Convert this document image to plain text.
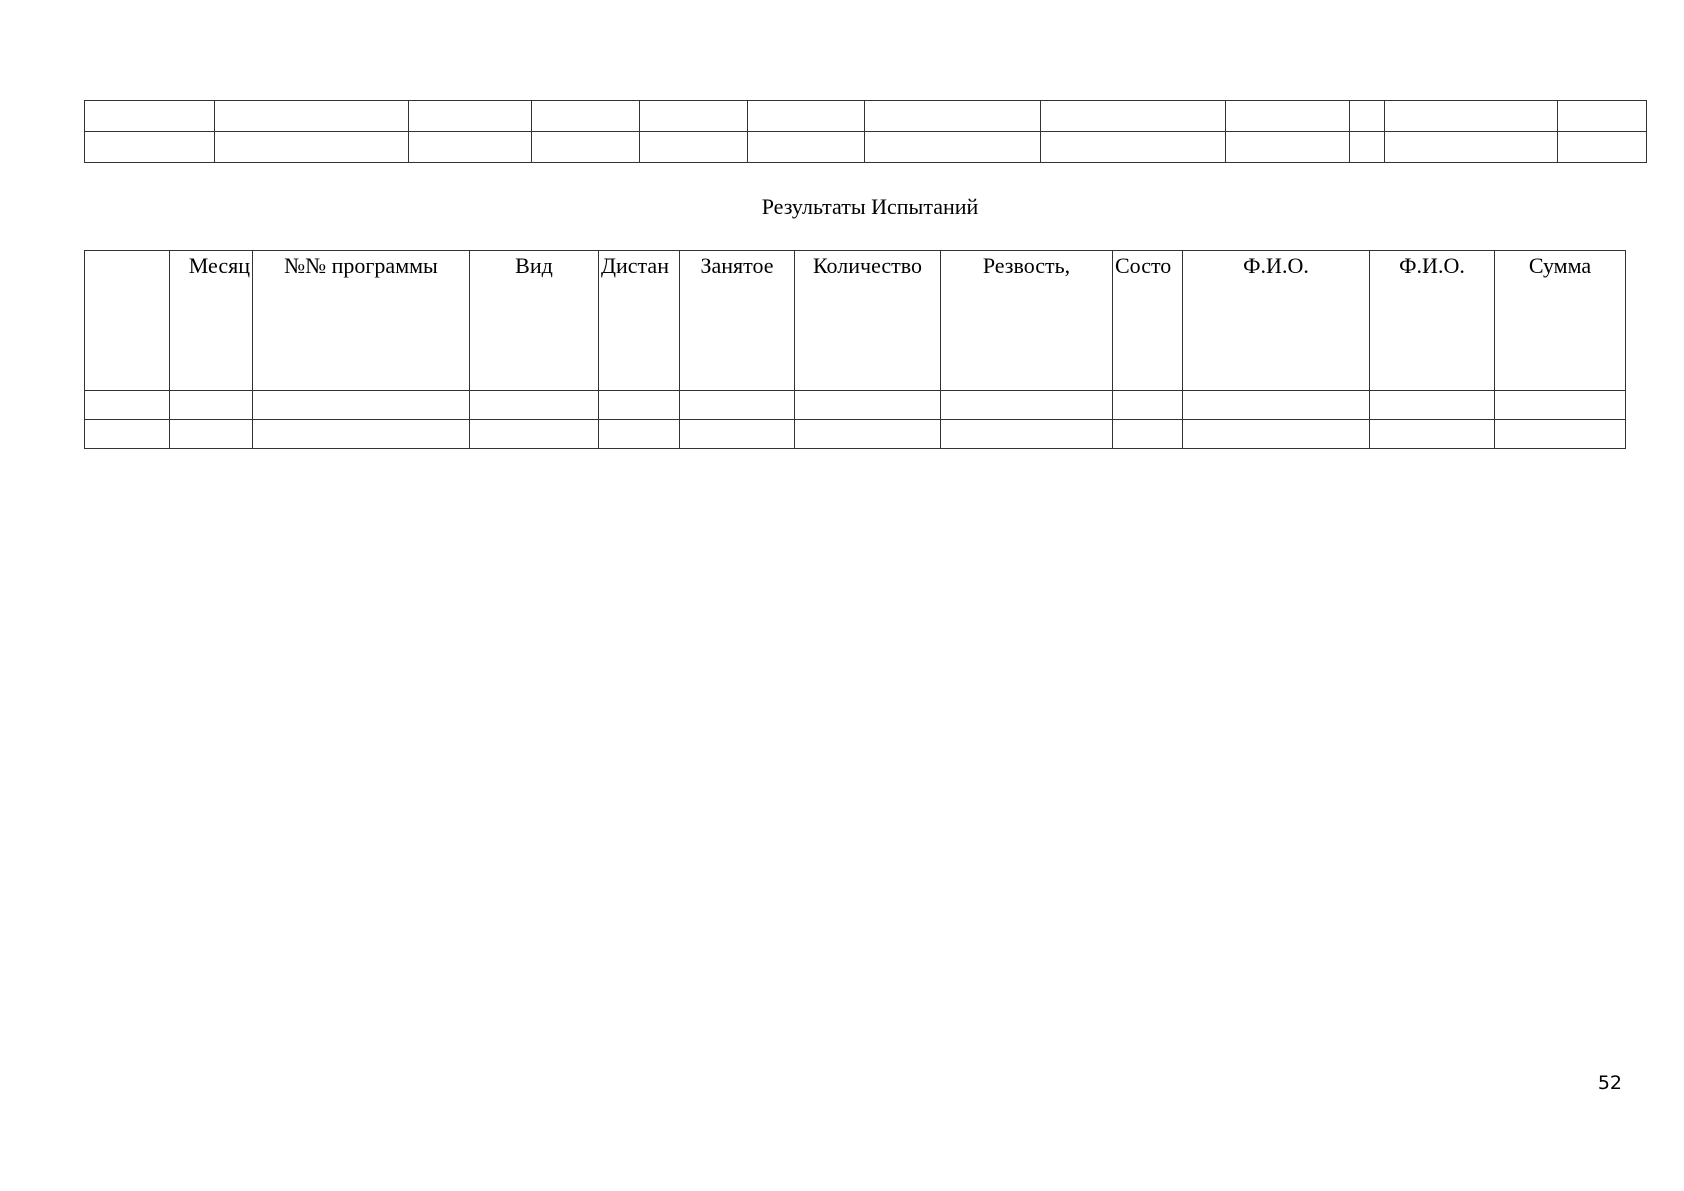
Результаты Испытаний
	Месяц	№№ программы	Вид	Дистан	Занятое	Количество	Резвость,	Состо	Ф.И.О.	Ф.И.О.	Сумма

52
